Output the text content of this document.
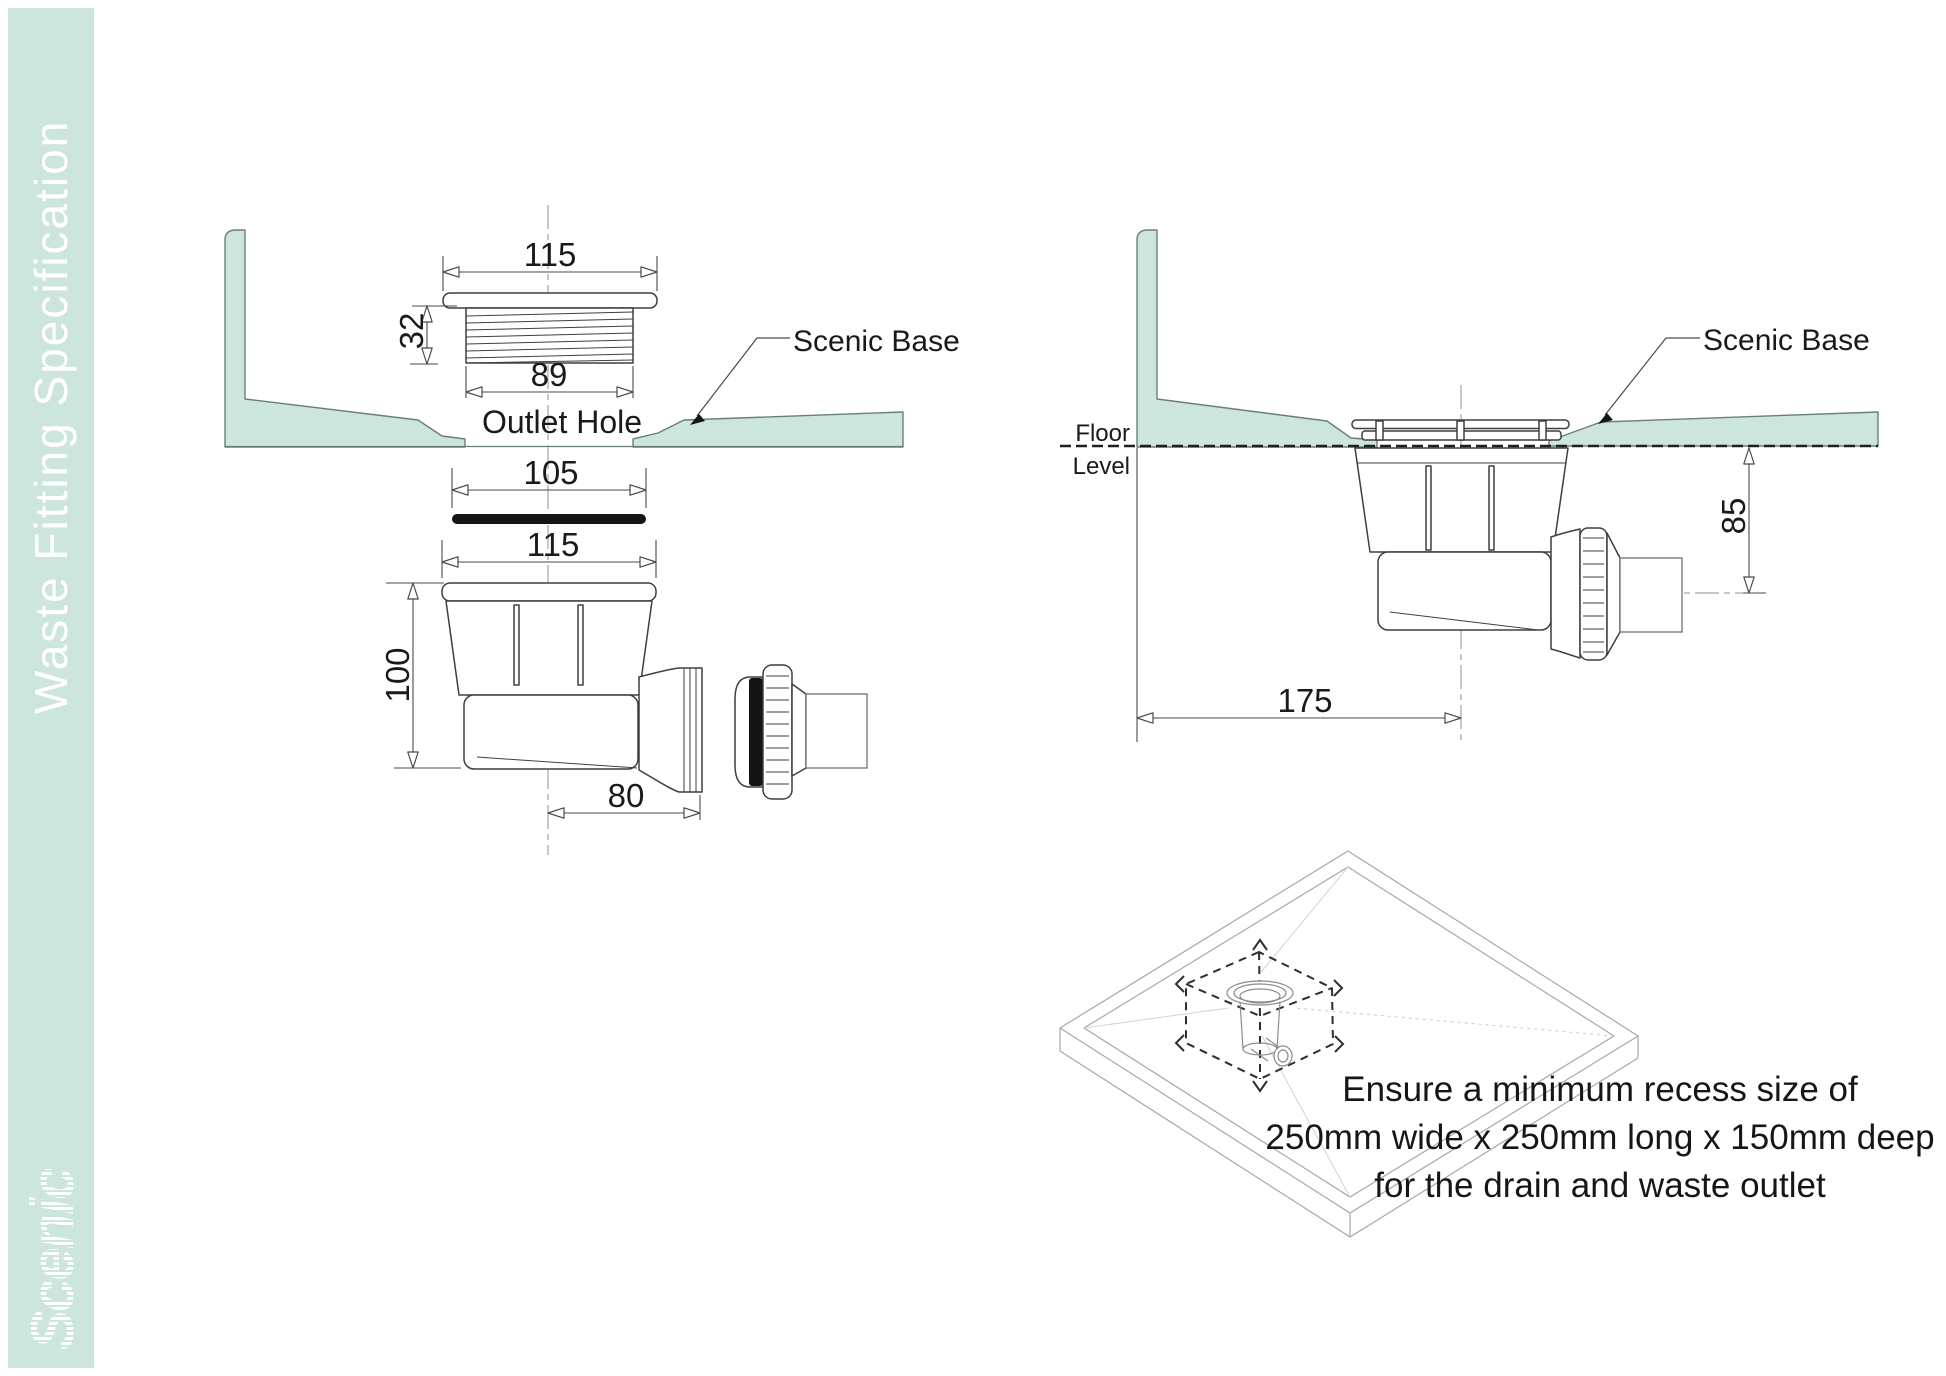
Waste Fitting Specification
Scenic
115
32
89
105
115
100
80
Outlet Hole
Scenic Base
Floor
Level
85
175
Scenic Base
Ensure a minimum recess size of
250mm wide x 250mm long x 150mm deep
for the drain and waste outlet
